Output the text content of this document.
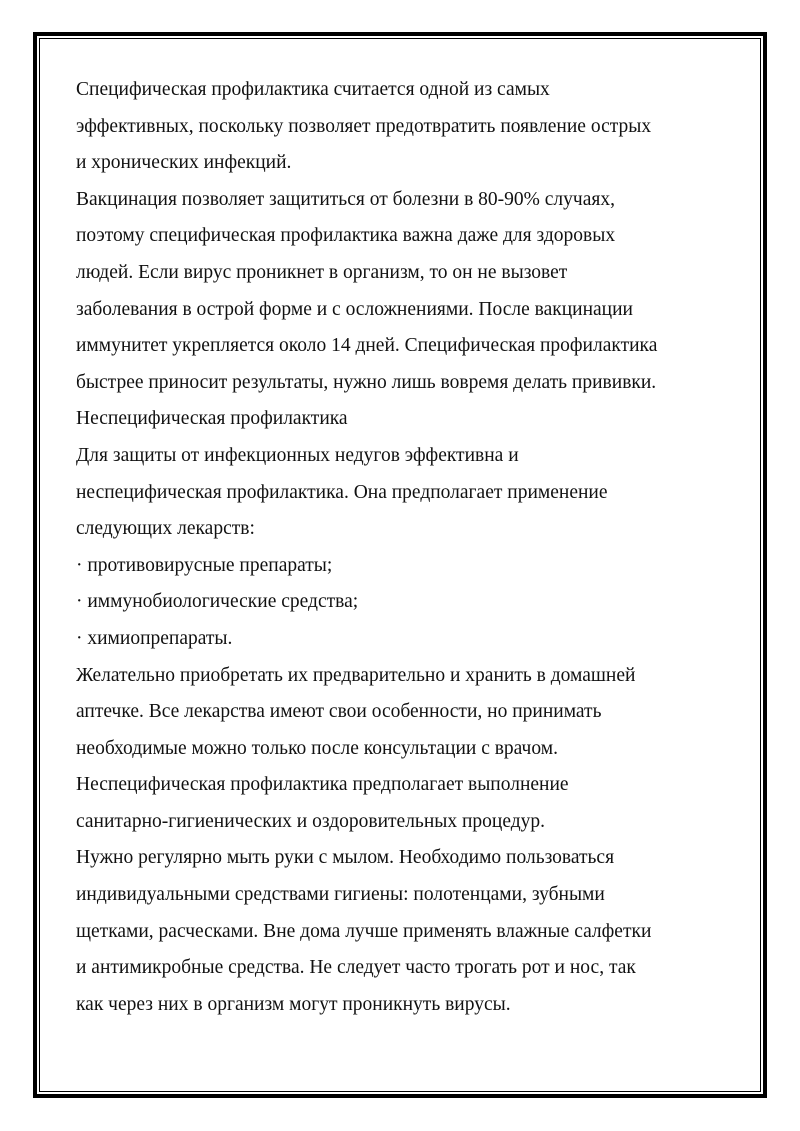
Специфическая профилактика считается одной из самых
эффективных, поскольку позволяет предотвратить появление острых
и хронических инфекций.
Вакцинация позволяет защититься от болезни в 80-90% случаях,
поэтому специфическая профилактика важна даже для здоровых
людей. Если вирус проникнет в организм, то он не вызовет
заболевания в острой форме и с осложнениями. После вакцинации
иммунитет укрепляется около 14 дней. Специфическая профилактика
быстрее приносит результаты, нужно лишь вовремя делать прививки.
Неспецифическая профилактика
Для защиты от инфекционных недугов эффективна и
неспецифическая профилактика. Она предполагает применение
следующих лекарств:
· противовирусные препараты;
· иммунобиологические средства;
· химиопрепараты.
Желательно приобретать их предварительно и хранить в домашней
аптечке. Все лекарства имеют свои особенности, но принимать
необходимые можно только после консультации с врачом.
Неспецифическая профилактика предполагает выполнение
санитарно-гигиенических и оздоровительных процедур.
Нужно регулярно мыть руки с мылом. Необходимо пользоваться
индивидуальными средствами гигиены: полотенцами, зубными
щетками, расческами. Вне дома лучше применять влажные салфетки
и антимикробные средства. Не следует часто трогать рот и нос, так
как через них в организм могут проникнуть вирусы.
